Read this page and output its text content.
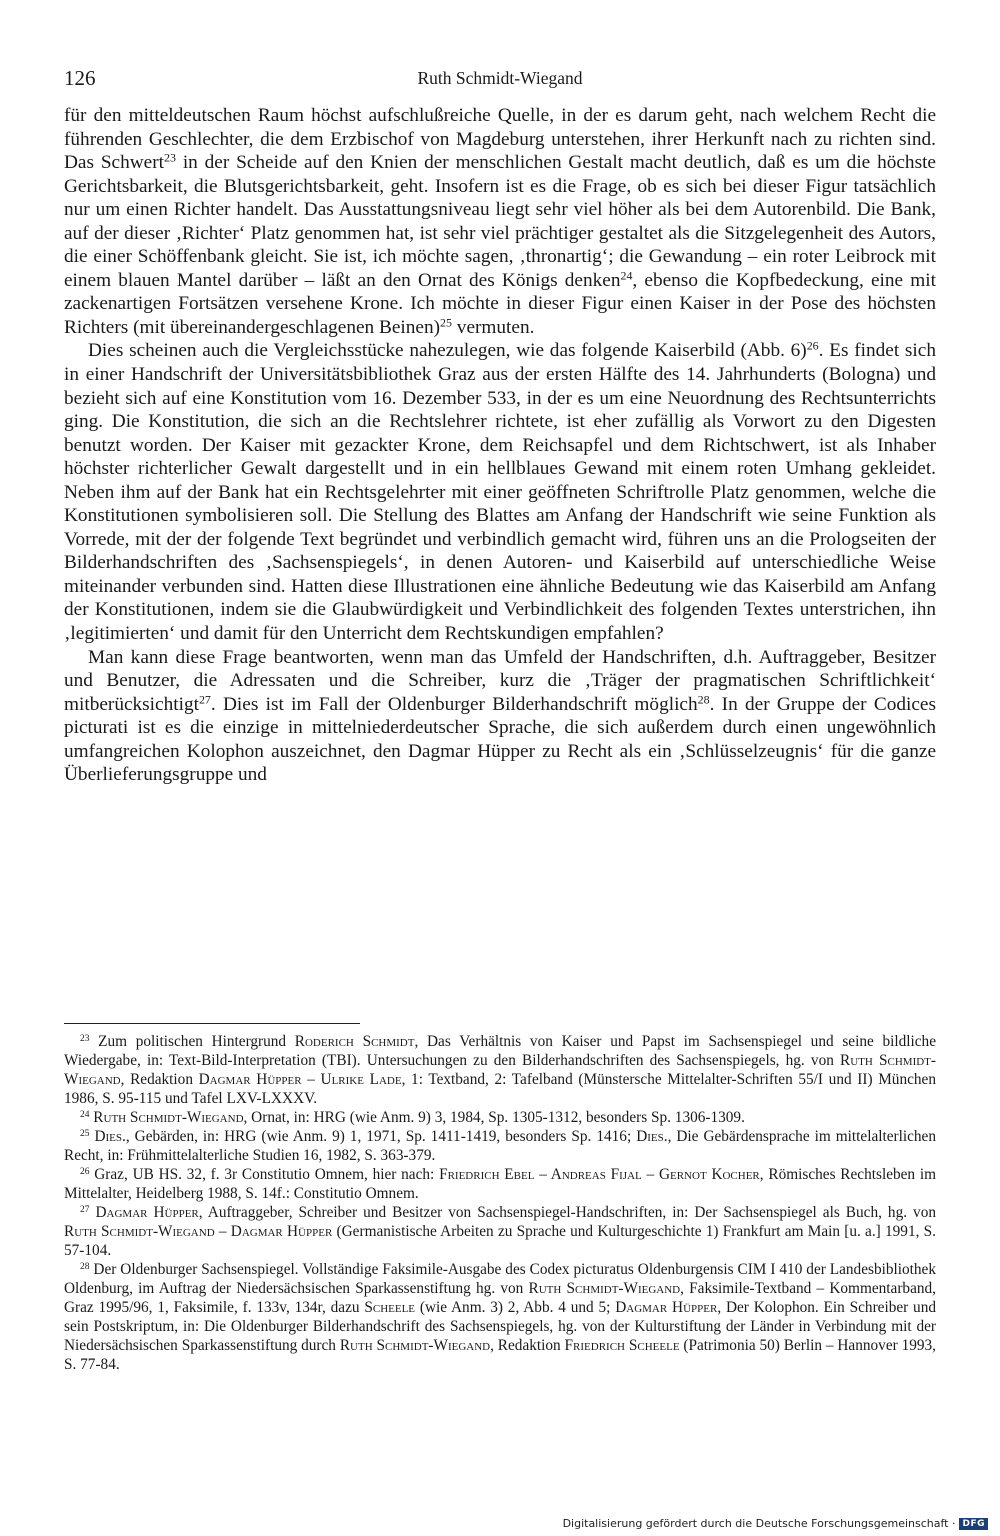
126	Ruth Schmidt-Wiegand

für den mitteldeutschen Raum höchst aufschlußreiche Quelle, in der es darum geht, nach welchem Recht die führenden Geschlechter, die dem Erzbischof von Magdeburg unterstehen, ihrer Herkunft nach zu richten sind. Das Schwert$^{23}$ in der Scheide auf den Knien der menschlichen Gestalt macht deutlich, daß es um die höchste Gerichtsbarkeit, die Blutsgerichtsbarkeit, geht. Insofern ist es die Frage, ob es sich bei dieser Figur tatsächlich nur um einen Richter handelt. Das Ausstattungsniveau liegt sehr viel höher als bei dem Autorenbild. Die Bank, auf der dieser ‚Richter‘ Platz genommen hat, ist sehr viel prächtiger gestaltet als die Sitzgelegenheit des Autors, die einer Schöffenbank gleicht. Sie ist, ich möchte sagen, ‚thronartig‘; die Gewandung – ein roter Leibrock mit einem blauen Mantel darüber – läßt an den Ornat des Königs denken$^{24}$, ebenso die Kopfbedeckung, eine mit zackenartigen Fortsätzen versehene Krone. Ich möchte in dieser Figur einen Kaiser in der Pose des höchsten Richters (mit übereinandergeschlagenen Beinen)$^{25}$ vermuten.

Dies scheinen auch die Vergleichsstücke nahezulegen, wie das folgende Kaiserbild (Abb. 6)$^{26}$. Es findet sich in einer Handschrift der Universitätsbibliothek Graz aus der ersten Hälfte des 14. Jahrhunderts (Bologna) und bezieht sich auf eine Konstitution vom 16. Dezember 533, in der es um eine Neuordnung des Rechtsunterrichts ging. Die Konstitution, die sich an die Rechtslehrer richtete, ist eher zufällig als Vorwort zu den Digesten benutzt worden. Der Kaiser mit gezackter Krone, dem Reichsapfel und dem Richtschwert, ist als Inhaber höchster richterlicher Gewalt dargestellt und in ein hellblaues Gewand mit einem roten Umhang gekleidet. Neben ihm auf der Bank hat ein Rechtsgelehrter mit einer geöffneten Schriftrolle Platz genommen, welche die Konstitutionen symbolisieren soll. Die Stellung des Blattes am Anfang der Handschrift wie seine Funktion als Vorrede, mit der der folgende Text begründet und verbindlich gemacht wird, führen uns an die Prologseiten der Bilderhandschriften des ‚Sachsenspiegels‘, in denen Autoren- und Kaiserbild auf unterschiedliche Weise miteinander verbunden sind. Hatten diese Illustrationen eine ähnliche Bedeutung wie das Kaiserbild am Anfang der Konstitutionen, indem sie die Glaubwürdigkeit und Verbindlichkeit des folgenden Textes unterstrichen, ihn ‚legitimierten‘ und damit für den Unterricht dem Rechtskundigen empfahlen?

Man kann diese Frage beantworten, wenn man das Umfeld der Handschriften, d.h. Auftraggeber, Besitzer und Benutzer, die Adressaten und die Schreiber, kurz die ‚Träger der pragmatischen Schriftlichkeit‘ mitberücksichtigt$^{27}$. Dies ist im Fall der Oldenburger Bilderhandschrift möglich$^{28}$. In der Gruppe der Codices picturati ist es die einzige in mittelniederdeutscher Sprache, die sich außerdem durch einen ungewöhnlich umfangreichen Kolophon auszeichnet, den Dagmar Hüpper zu Recht als ein ‚Schlüsselzeugnis‘ für die ganze Überlieferungsgruppe und

$^{23}$ Zum politischen Hintergrund Roderich Schmidt, Das Verhältnis von Kaiser und Papst im Sachsenspiegel und seine bildliche Wiedergabe, in: Text-Bild-Interpretation (TBI). Untersuchungen zu den Bilderhandschriften des Sachsenspiegels, hg. von Ruth Schmidt-Wiegand, Redaktion Dagmar Hüpper – Ulrike Lade, 1: Textband, 2: Tafelband (Münstersche Mittelalter-Schriften 55/I und II) München 1986, S. 95-115 und Tafel LXV-LXXXV.

$^{24}$ Ruth Schmidt-Wiegand, Ornat, in: HRG (wie Anm. 9) 3, 1984, Sp. 1305-1312, besonders Sp. 1306-1309.

$^{25}$ Dies., Gebärden, in: HRG (wie Anm. 9) 1, 1971, Sp. 1411-1419, besonders Sp. 1416; Dies., Die Gebärdensprache im mittelalterlichen Recht, in: Frühmittelalterliche Studien 16, 1982, S. 363-379.

$^{26}$ Graz, UB HS. 32, f. 3r Constitutio Omnem, hier nach: Friedrich Ebel – Andreas Fijal – Gernot Kocher, Römisches Rechtsleben im Mittelalter, Heidelberg 1988, S. 14f.: Constitutio Omnem.

$^{27}$ Dagmar Hüpper, Auftraggeber, Schreiber und Besitzer von Sachsenspiegel-Handschriften, in: Der Sachsenspiegel als Buch, hg. von Ruth Schmidt-Wiegand – Dagmar Hüpper (Germanistische Arbeiten zu Sprache und Kulturgeschichte 1) Frankfurt am Main [u. a.] 1991, S. 57-104.

$^{28}$ Der Oldenburger Sachsenspiegel. Vollständige Faksimile-Ausgabe des Codex picturatus Oldenburgensis CIM I 410 der Landesbibliothek Oldenburg, im Auftrag der Niedersächsischen Sparkassenstiftung hg. von Ruth Schmidt-Wiegand, Faksimile-Textband – Kommentarband, Graz 1995/96, 1, Faksimile, f. 133v, 134r, dazu Scheele (wie Anm. 3) 2, Abb. 4 und 5; Dagmar Hüpper, Der Kolophon. Ein Schreiber und sein Postskriptum, in: Die Oldenburger Bilderhandschrift des Sachsenspiegels, hg. von der Kulturstiftung der Länder in Verbindung mit der Niedersächsischen Sparkassenstiftung durch Ruth Schmidt-Wiegand, Redaktion Friedrich Scheele (Patrimonia 50) Berlin – Hannover 1993, S. 77-84.

Digitalisierung gefördert durch die Deutsche Forschungsgemeinschaft · DFG
